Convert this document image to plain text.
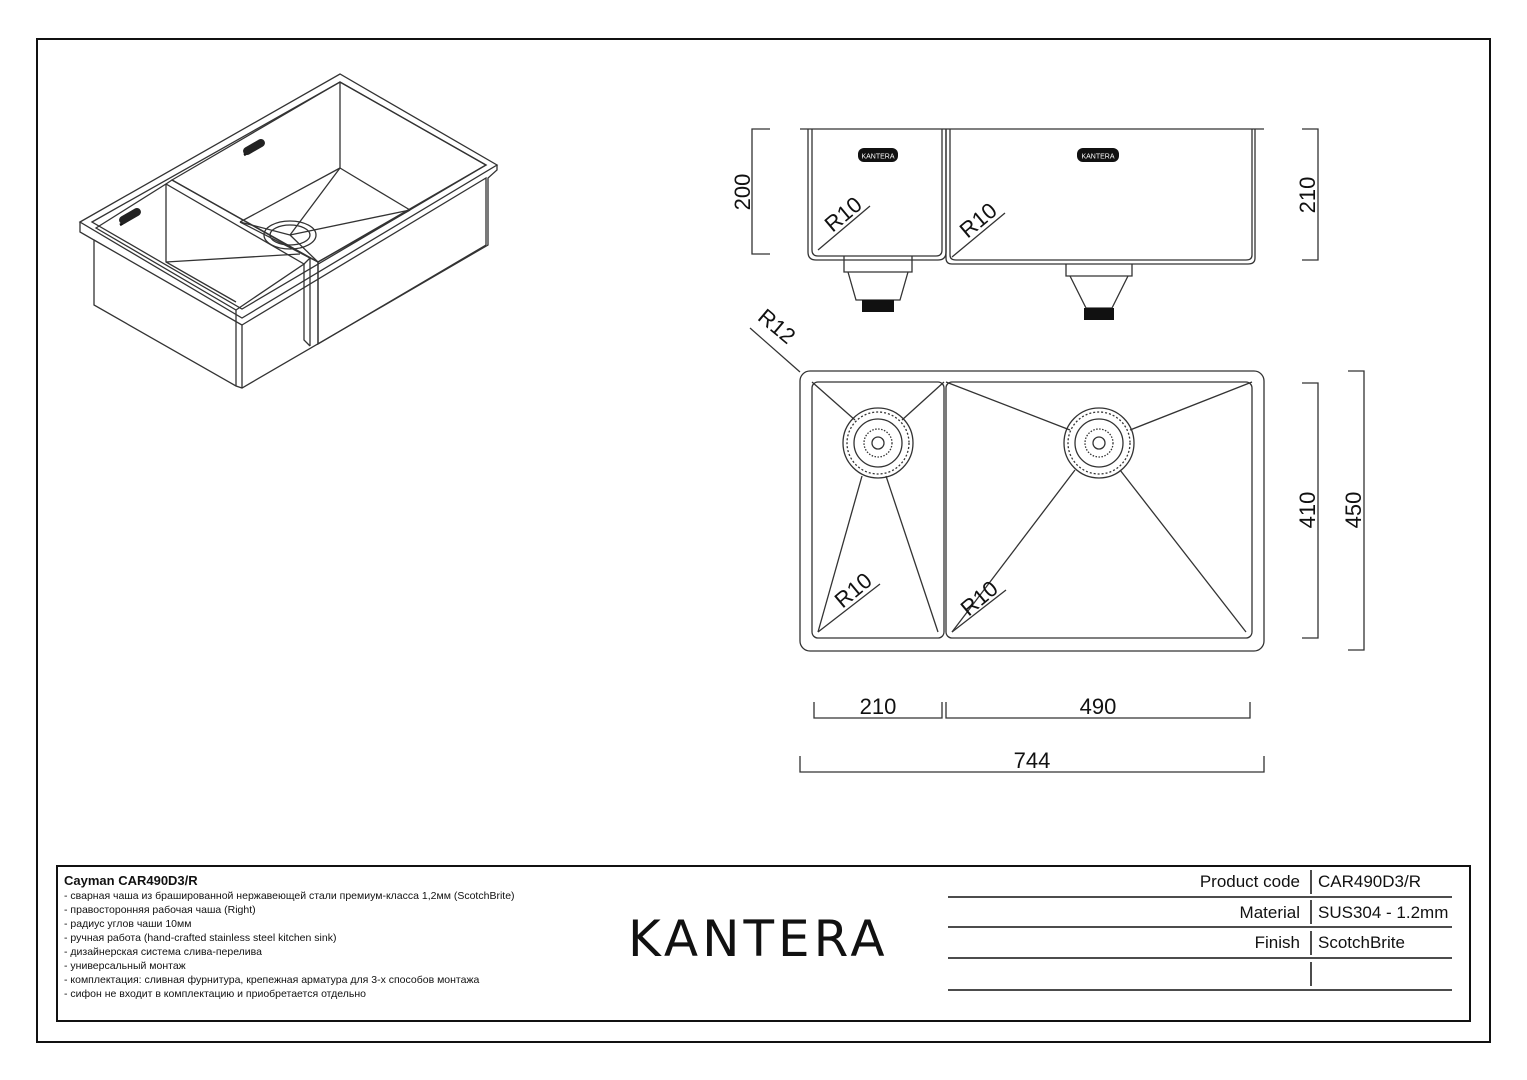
KANTERA	KANTERA
200	210
R10	R10
R12
R10	R10
410 450
210	490
744
Cayman CAR490D3/R
- сварная чаша из брашированной нержавеющей стали премиум-класса 1,2мм (ScotchBrite)
- правосторонняя рабочая чаша (Right)
- радиус углов чаши 10мм
- ручная работа (hand-crafted stainless steel kitchen sink)
- дизайнерская система слива-перелива
- универсальный монтаж
- комплектация: сливная фурнитура, крепежная арматура для 3-х способов монтажа
- сифон не входит в комплектацию и приобретается отдельно
KANTERA
Product code CAR490D3/R
Material SUS304 - 1.2mm
Finish ScotchBrite
